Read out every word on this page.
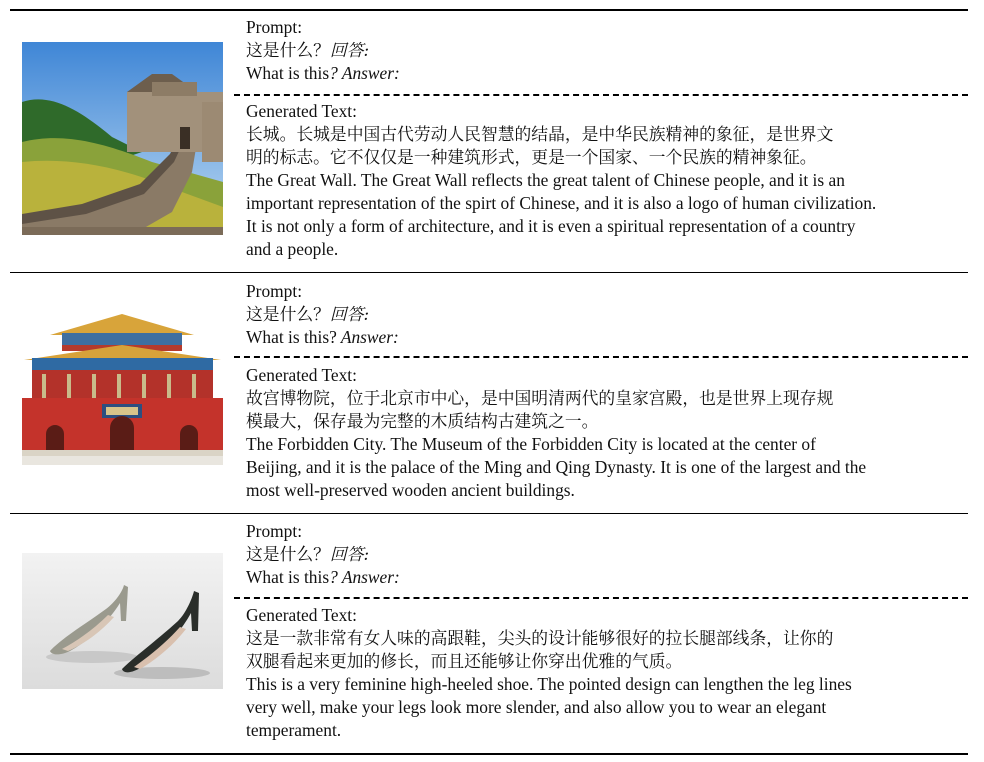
Prompt:

这是什么？回答:

What is this? Answer:

Generated Text:

长城。长城是中国古代劳动人民智慧的结晶，是中华民族精神的象征，是世界文

明的标志。它不仅仅是一种建筑形式，更是一个国家、一个民族的精神象征。

The Great Wall. The Great Wall reflects the great talent of Chinese people, and it is an

important representation of the spirt of Chinese, and it is also a logo of human civilization.

It is not only a form of architecture, and it is even a spiritual representation of a country

and a people.

Prompt:

这是什么？回答:

What is this? Answer:

Generated Text:

故宫博物院，位于北京市中心，是中国明清两代的皇家宫殿，也是世界上现存规

模最大，保存最为完整的木质结构古建筑之一。

The Forbidden City. The Museum of the Forbidden City is located at the center of

Beijing, and it is the palace of the Ming and Qing Dynasty. It is one of the largest and the

most well-preserved wooden ancient buildings.

Prompt:

这是什么？回答:

What is this? Answer:

Generated Text:

这是一款非常有女人味的高跟鞋，尖头的设计能够很好的拉长腿部线条，让你的

双腿看起来更加的修长，而且还能够让你穿出优雅的气质。

This is a very feminine high-heeled shoe. The pointed design can lengthen the leg lines

very well, make your legs look more slender, and also allow you to wear an elegant

temperament.
